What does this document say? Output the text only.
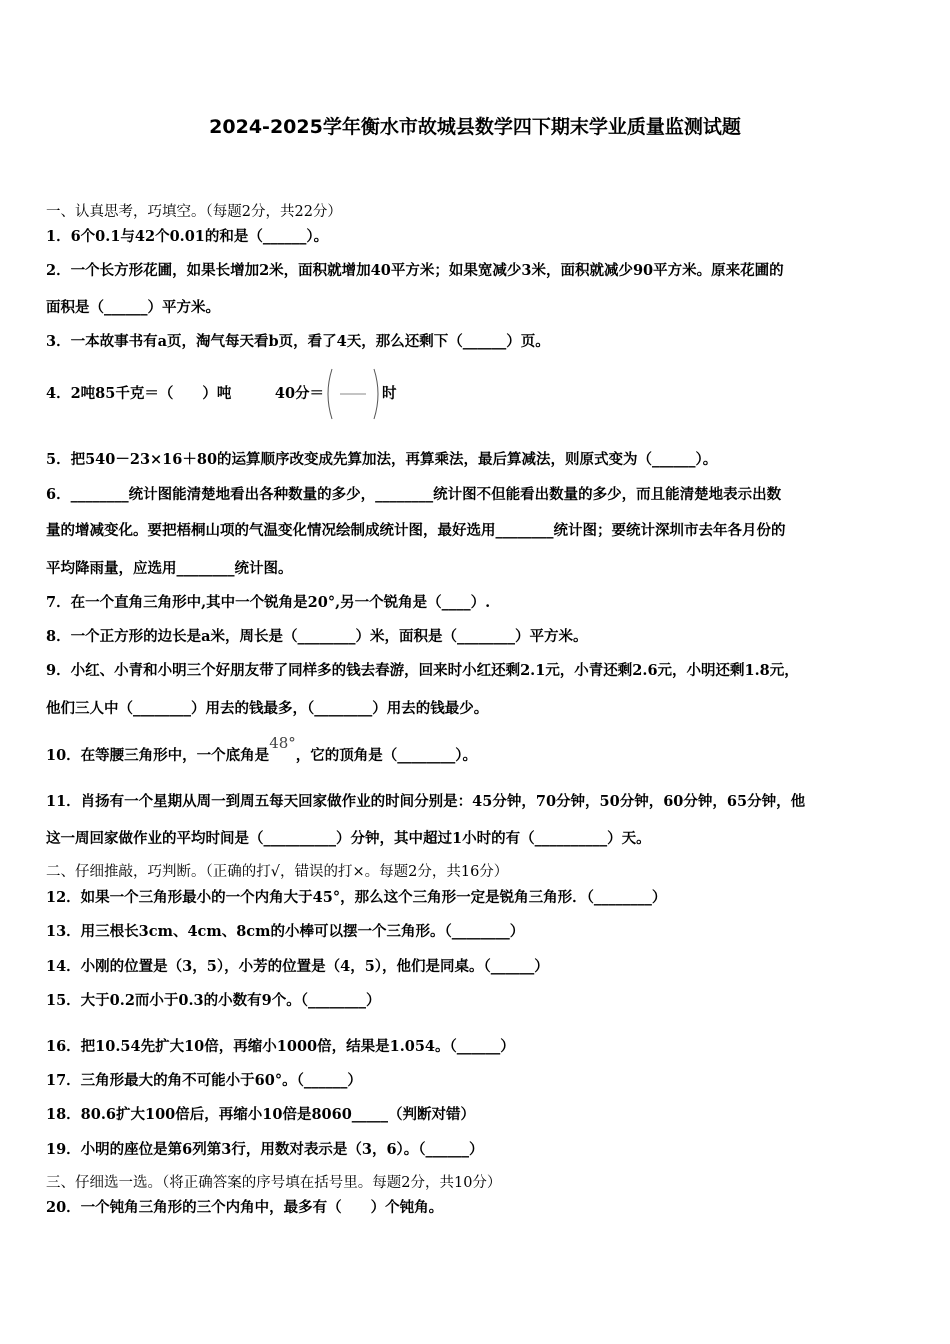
2024-2025学年衡水市故城县数学四下期末学业质量监测试题
一、认真思考，巧填空。（每题2分，共22分）
1．6个0.1与42个0.01的和是（______）。
2．一个长方形花圃，如果长增加2米，面积就增加40平方米；如果宽减少3米，面积就减少90平方米。原来花圃的
面积是（______）平方米。
3．一本故事书有a页，淘气每天看b页，看了4天，那么还剩下（______）页。
4．2吨85千克＝（　　）吨　　　40分＝	时
5．把540－23×16＋80的运算顺序改变成先算加法，再算乘法，最后算减法，则原式变为（______）。
6．________统计图能清楚地看出各种数量的多少，________统计图不但能看出数量的多少，而且能清楚地表示出数
量的增减变化。要把梧桐山项的气温变化情况绘制成统计图，最好选用________统计图；要统计深圳市去年各月份的
平均降雨量，应选用________统计图。
7．在一个直角三角形中,其中一个锐角是20°,另一个锐角是（____）.
8．一个正方形的边长是a米，周长是（________）米，面积是（________）平方米。
9．小红、小青和小明三个好朋友带了同样多的钱去春游，回来时小红还剩2.1元，小青还剩2.6元，小明还剩1.8元，
他们三人中（________）用去的钱最多，（________）用去的钱最少。
10．在等腰三角形中，一个底角是48°，它的顶角是（________）。
11．肖扬有一个星期从周一到周五每天回家做作业的时间分别是：45分钟，70分钟，50分钟，60分钟，65分钟，他
这一周回家做作业的平均时间是（__________）分钟，其中超过1小时的有（__________）天。
二、仔细推敲，巧判断。（正确的打√，错误的打×。每题2分，共16分）
12．如果一个三角形最小的一个内角大于45°，那么这个三角形一定是锐角三角形．（________）
13．用三根长3cm、4cm、8cm的小棒可以摆一个三角形。（________）
14．小刚的位置是（3，5），小芳的位置是（4，5），他们是同桌。（______）
15．大于0.2而小于0.3的小数有9个。（________）
16．把10.54先扩大10倍，再缩小1000倍，结果是1.054。（______）
17．三角形最大的角不可能小于60°。（______）
18．80.6扩大100倍后，再缩小10倍是8060_____（判断对错）
19．小明的座位是第6列第3行，用数对表示是（3，6）。（______）
三、仔细选一选。（将正确答案的序号填在括号里。每题2分，共10分）
20．一个钝角三角形的三个内角中，最多有（　　）个钝角。
